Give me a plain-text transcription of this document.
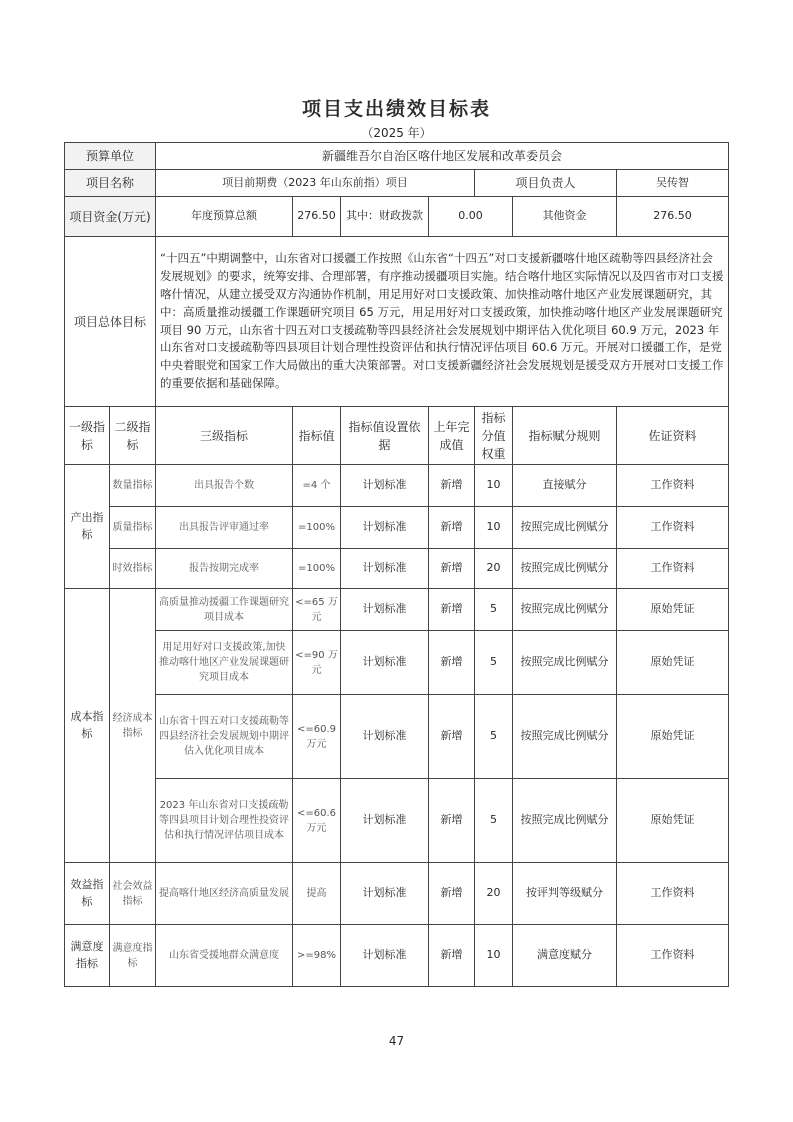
项目支出绩效目标表
（2025 年）
预算单位		新疆维吾尔自治区喀什地区发展和改革委员会						
项目名称		项目前期费（2023 年山东前指）项目				项目负责人		吴传智
项目资金(万元)		年度预算总额	276.50	其中：财政拨款	0.00		其他资金	276.50
项目总体目标		“十四五”中期调整中，山东省对口援疆工作按照《山东省“十四五”对口支援新疆喀什地区疏勒等四县经济社会发展规划》的要求，统筹安排、合理部署，有序推动援疆项目实施。结合喀什地区实际情况以及四省市对口支援喀什情况，从建立援受双方沟通协作机制，用足用好对口支援政策、加快推动喀什地区产业发展课题研究，其中：高质量推动援疆工作课题研究项目 65 万元，用足用好对口支援政策，加快推动喀什地区产业发展课题研究项目 90 万元，山东省十四五对口支援疏勒等四县经济社会发展规划中期评估入优化项目 60.9 万元，2023 年山东省对口支援疏勒等四县项目计划合理性投资评估和执行情况评估项目 60.6 万元。开展对口援疆工作，是党中央着眼党和国家工作大局做出的重大决策部署。对口支援新疆经济社会发展规划是援受双方开展对口支援工作的重要依据和基础保障。						
一级指标	二级指标	三级指标	指标值	指标值设置依据	上年完成值	指标分值权重	指标赋分规则	佐证资料
产出指标	数量指标	出具报告个数	=4 个	计划标准	新增	10	直接赋分	工作资料
	质量指标	出具报告评审通过率	=100%	计划标准	新增	10	按照完成比例赋分	工作资料
	时效指标	报告按期完成率	=100%	计划标准	新增	20	按照完成比例赋分	工作资料
成本指标	经济成本指标	高质量推动援疆工作课题研究项目成本	<=65 万元	计划标准	新增	5	按照完成比例赋分	原始凭证
		用足用好对口支援政策,加快推动喀什地区产业发展课题研究项目成本	<=90 万元	计划标准	新增	5	按照完成比例赋分	原始凭证
		山东省十四五对口支援疏勒等四县经济社会发展规划中期评估入优化项目成本	<=60.9 万元	计划标准	新增	5	按照完成比例赋分	原始凭证
		2023 年山东省对口支援疏勒等四县项目计划合理性投资评估和执行情况评估项目成本	<=60.6 万元	计划标准	新增	5	按照完成比例赋分	原始凭证
效益指标	社会效益指标	提高喀什地区经济高质量发展	提高	计划标准	新增	20	按评判等级赋分	工作资料
满意度指标	满意度指标	山东省受援地群众满意度	>=98%	计划标准	新增	10	满意度赋分	工作资料
47
